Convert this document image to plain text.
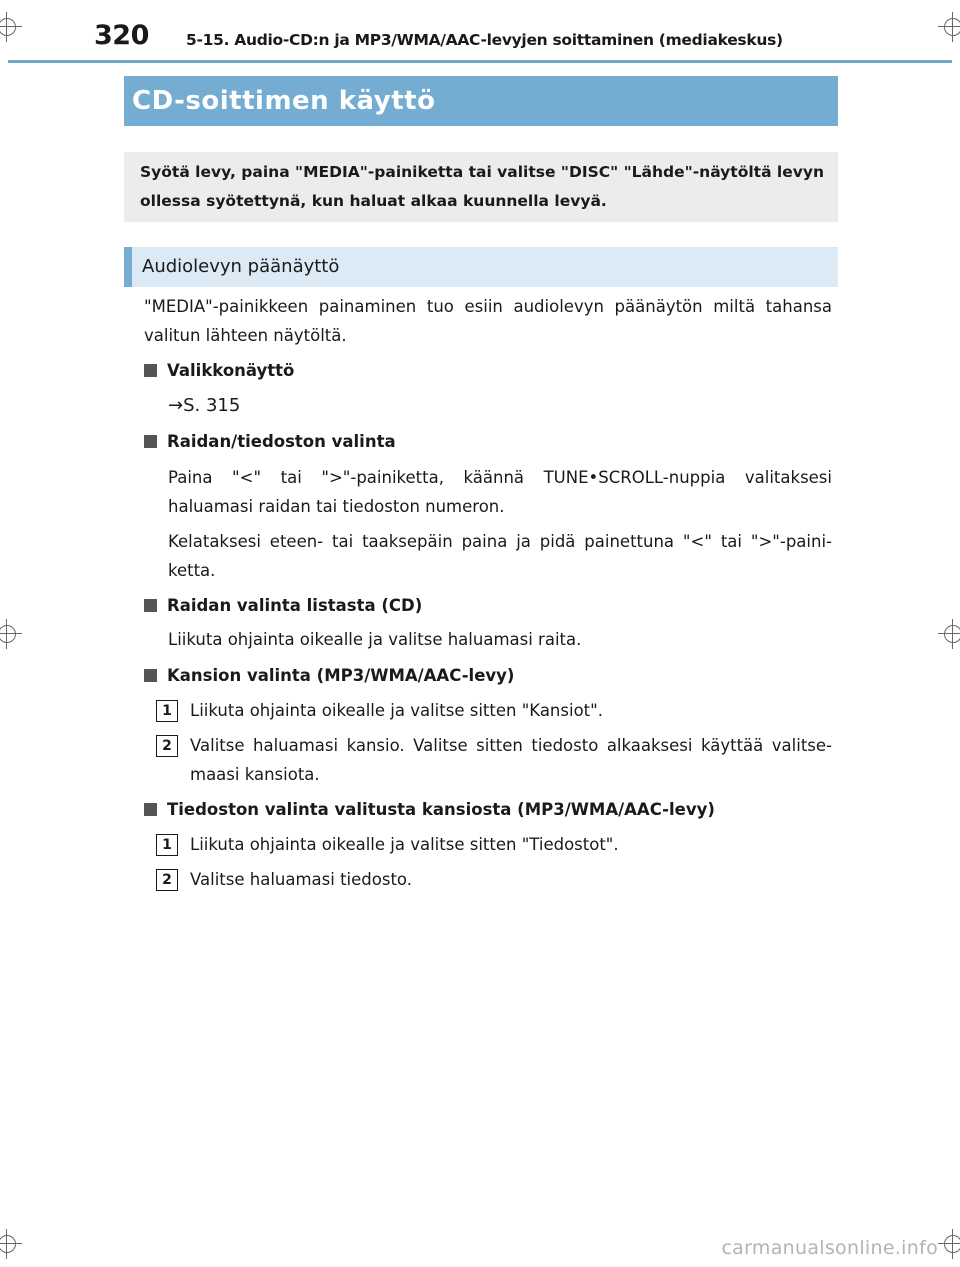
320 5-15. Audio-CD:n ja MP3/WMA/AAC-levyjen soittaminen (mediakeskus)
CD-soittimen käyttö
Syötä levy, paina "MEDIA"-painiketta tai valitse "DISC" "Lähde"-näytöltä levyn ollessa syötettynä, kun haluat alkaa kuunnella levyä.
Audiolevyn päänäyttö
"MEDIA"-painikkeen painaminen tuo esiin audiolevyn päänäytön miltä tahansa valitun lähteen näytöltä.
Valikkonäyttö
→S. 315
Raidan/tiedoston valinta
Paina "<" tai ">"-painiketta, käännä TUNE•SCROLL-nuppia valitaksesi haluamasi raidan tai tiedoston numeron.
Kelataksesi eteen- tai taaksepäin paina ja pidä painettuna "<" tai ">"-paini-ketta.
Raidan valinta listasta (CD)
Liikuta ohjainta oikealle ja valitse haluamasi raita.
Kansion valinta (MP3/WMA/AAC-levy)
1	Liikuta ohjainta oikealle ja valitse sitten "Kansiot".
2	Valitse haluamasi kansio. Valitse sitten tiedosto alkaaksesi käyttää valitse-maasi kansiota.
Tiedoston valinta valitusta kansiosta (MP3/WMA/AAC-levy)
1	Liikuta ohjainta oikealle ja valitse sitten "Tiedostot".
2	Valitse haluamasi tiedosto.
carmanualsonline.info
